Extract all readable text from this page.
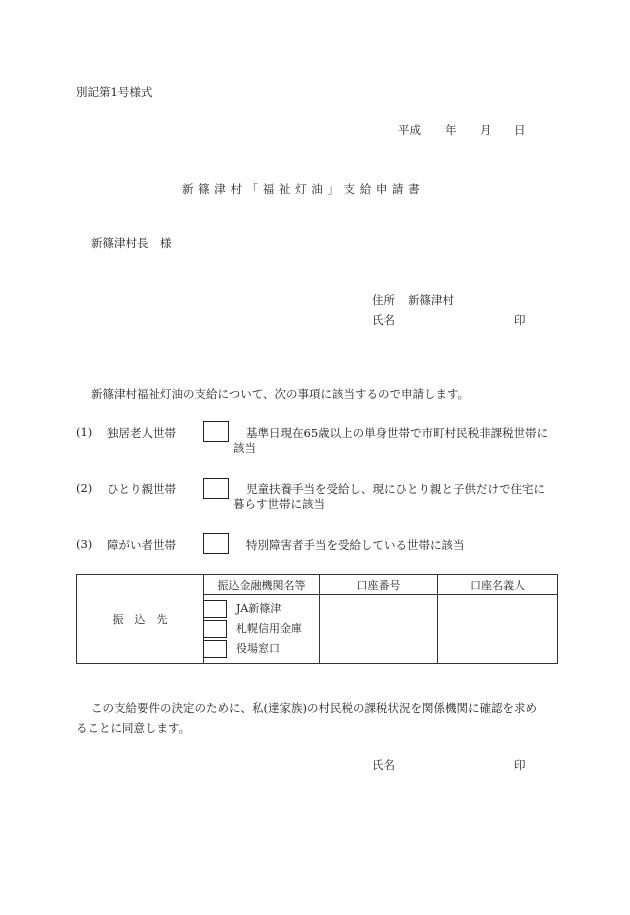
別記第1号様式
平成 年 月 日
新 篠 津 村 「 福 祉 灯 油 」 支 給 申 請 書
新篠津村長　様
住所 新篠津村
氏名	印
新篠津村福祉灯油の支給について、次の事項に該当するので申請します。
(1) 独居老人世帯	基準日現在65歳以上の単身世帯で市町村民税非課税世帯に
該当
(2) ひとり親世帯	児童扶養手当を受給し、現にひとり親と子供だけで住宅に
暮らす世帯に該当
(3) 障がい者世帯	特別障害者手当を受給している世帯に該当
振　込　先	振込金融機関名等	口座番号	口座名義人

	JA新篠津
札幌信用金庫
役場窓口		

この支給要件の決定のために、私(達家族)の村民税の課税状況を関係機関に確認を求め
ることに同意します。
氏名	印
